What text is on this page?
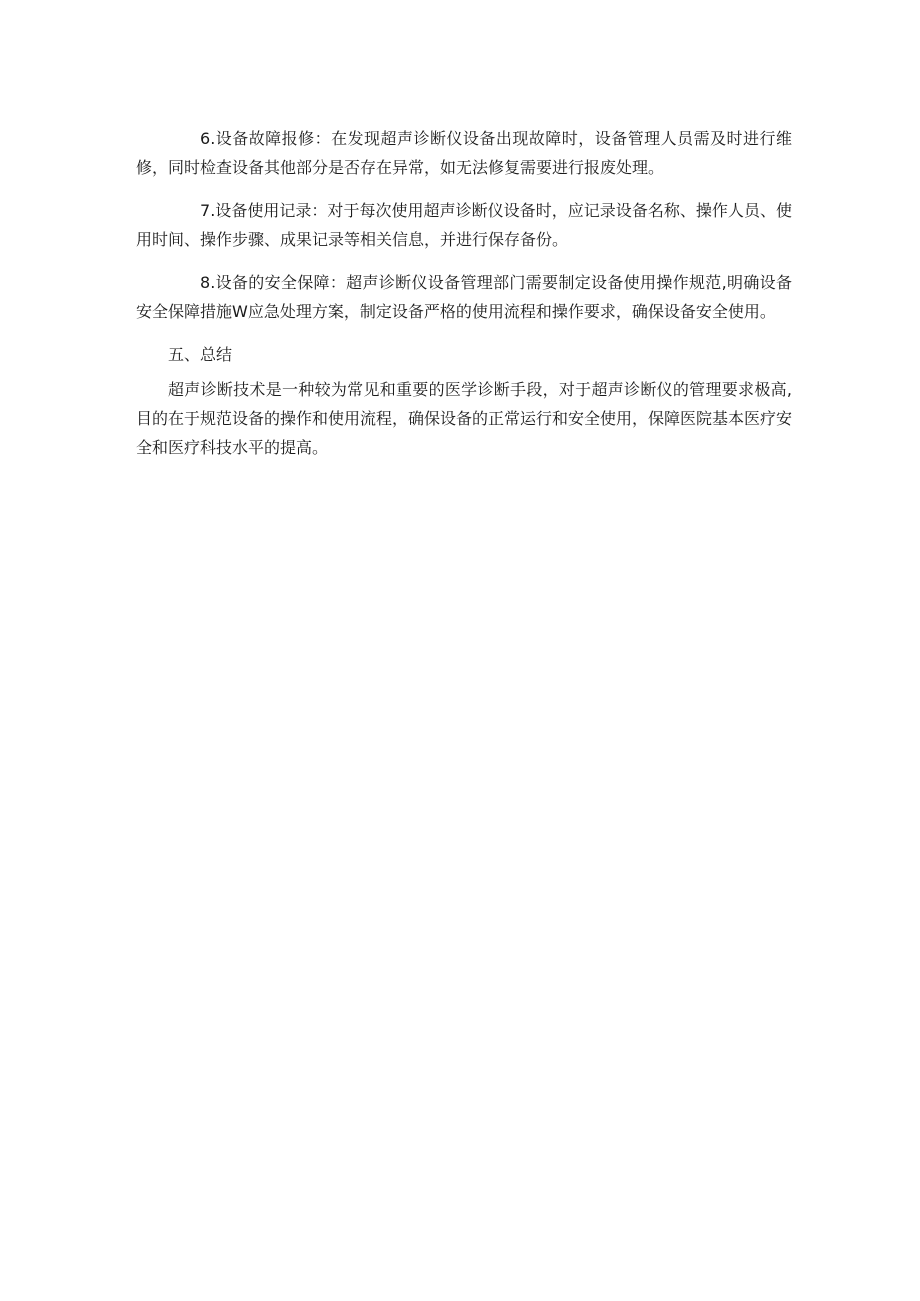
6.设备故障报修：在发现超声诊断仪设备出现故障时，设备管理人员需及时进行维修，同时检查设备其他部分是否存在异常，如无法修复需要进行报废处理。

7.设备使用记录：对于每次使用超声诊断仪设备时，应记录设备名称、操作人员、使用时间、操作步骤、成果记录等相关信息，并进行保存备份。

8.设备的安全保障：超声诊断仪设备管理部门需要制定设备使用操作规范,明确设备安全保障措施W应急处理方案，制定设备严格的使用流程和操作要求，确保设备安全使用。

五、总结

超声诊断技术是一种较为常见和重要的医学诊断手段，对于超声诊断仪的管理要求极高,目的在于规范设备的操作和使用流程，确保设备的正常运行和安全使用，保障医院基本医疗安全和医疗科技水平的提高。
